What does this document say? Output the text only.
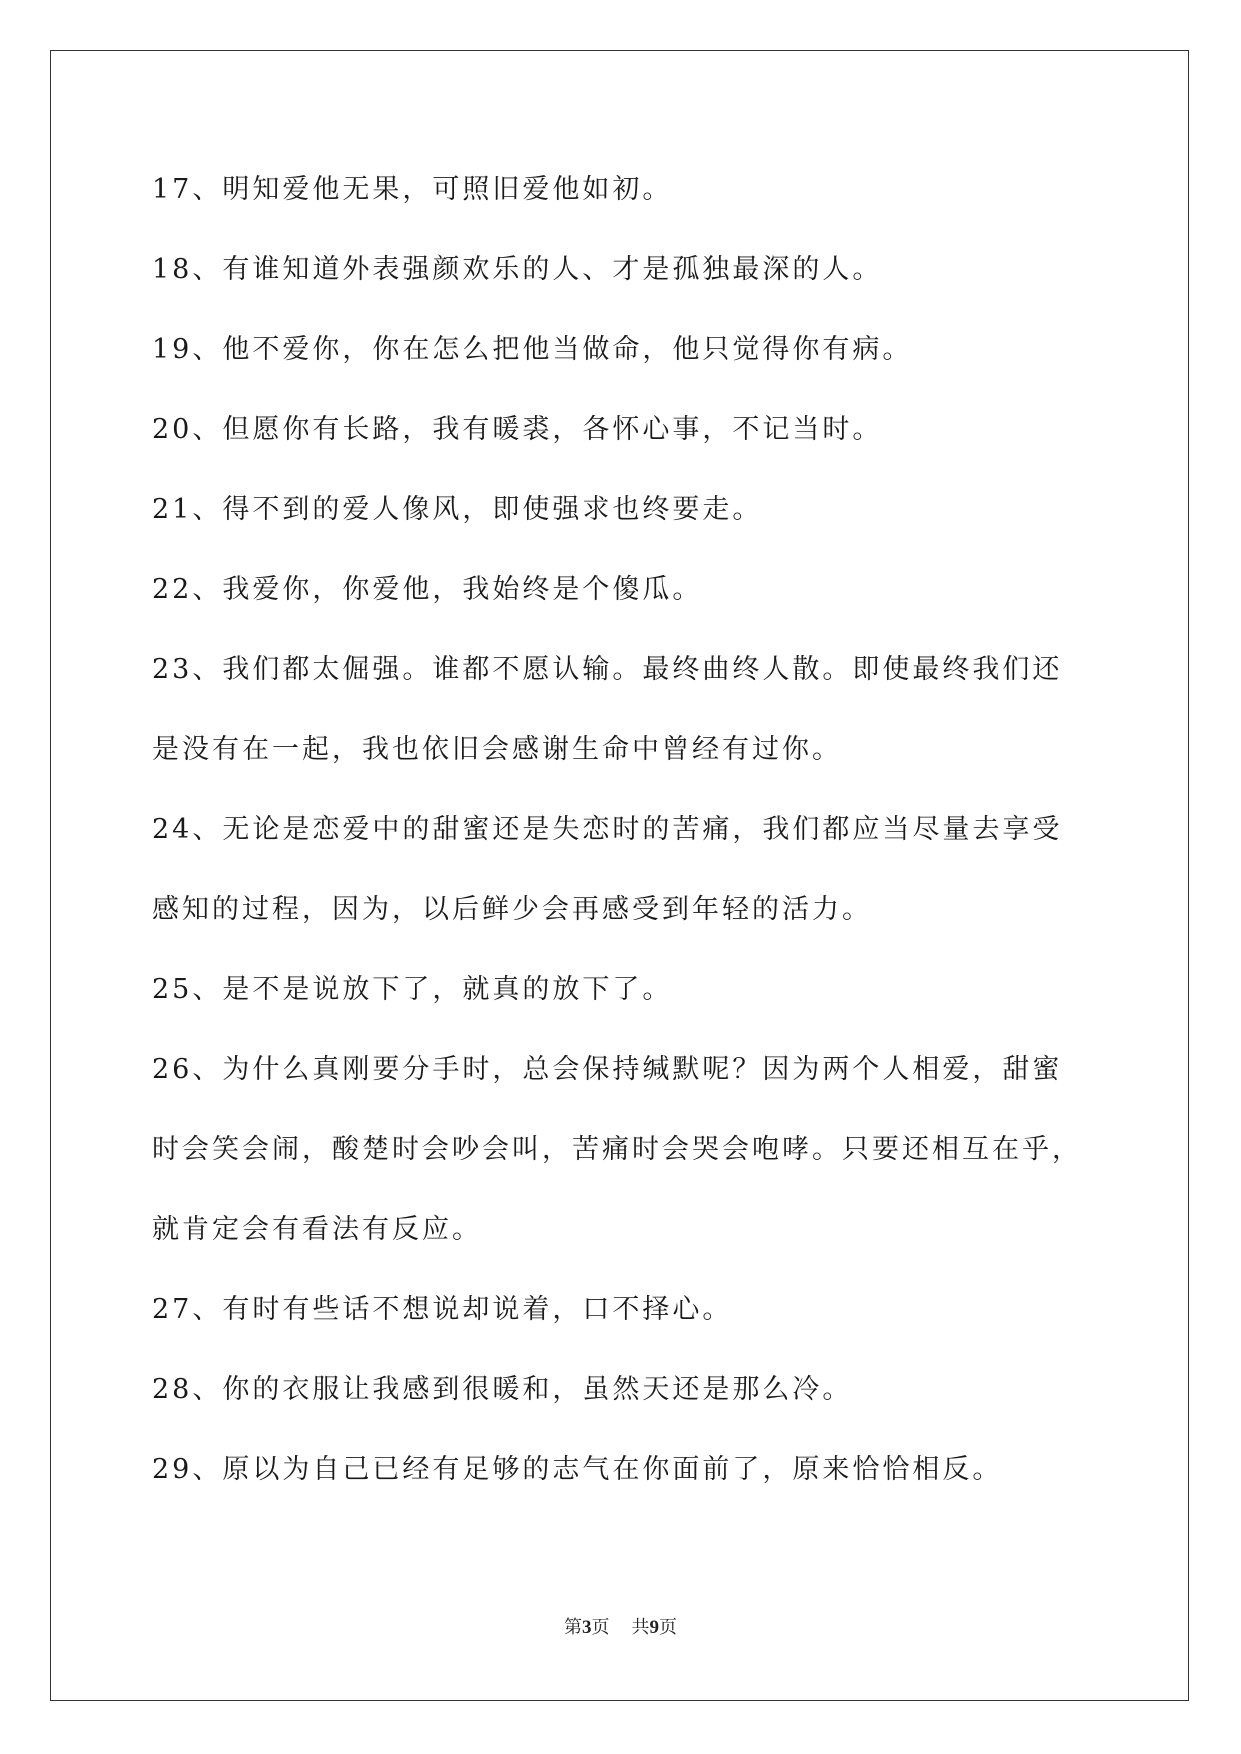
17、明知爱他无果，可照旧爱他如初。
18、有谁知道外表强颜欢乐的人、才是孤独最深的人。
19、他不爱你，你在怎么把他当做命，他只觉得你有病。
20、但愿你有长路，我有暖裘，各怀心事，不记当时。
21、得不到的爱人像风，即使强求也终要走。
22、我爱你，你爱他，我始终是个傻瓜。
23、我们都太倔强。谁都不愿认输。最终曲终人散。即使最终我们还
是没有在一起，我也依旧会感谢生命中曾经有过你。
24、无论是恋爱中的甜蜜还是失恋时的苦痛，我们都应当尽量去享受
感知的过程，因为，以后鲜少会再感受到年轻的活力。
25、是不是说放下了，就真的放下了。
26、为什么真刚要分手时，总会保持缄默呢？因为两个人相爱，甜蜜
时会笑会闹，酸楚时会吵会叫，苦痛时会哭会咆哮。只要还相互在乎，
就肯定会有看法有反应。
27、有时有些话不想说却说着，口不择心。
28、你的衣服让我感到很暖和，虽然天还是那么冷。
29、原以为自己已经有足够的志气在你面前了，原来恰恰相反。
第3页 共9页
